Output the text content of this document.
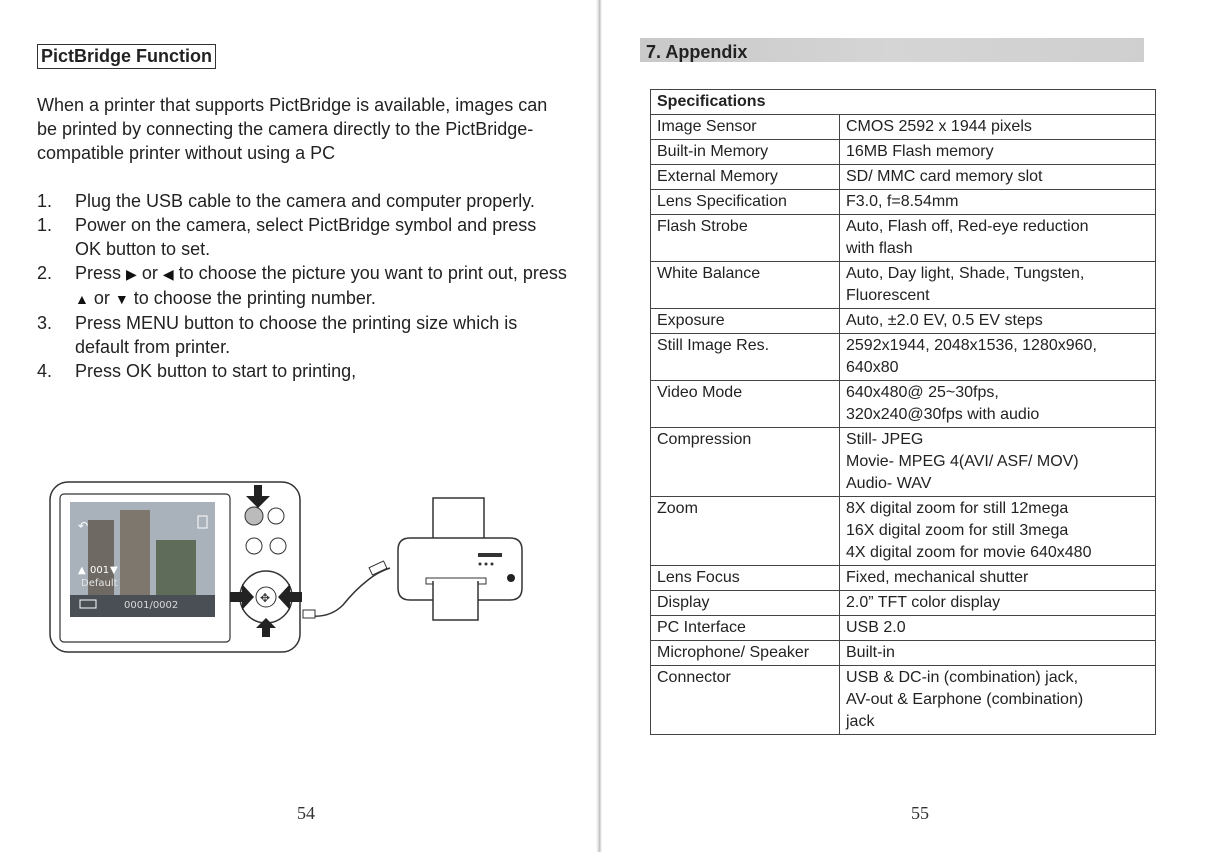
PictBridge Function
When a printer that supports PictBridge is available, images can be printed by connecting the camera directly to the PictBridge-compatible printer without using a PC
1. Plug the USB cable to the camera and computer properly.
1. Power on the camera, select PictBridge symbol and press OK button to set.
2. Press ▶ or ◀ to choose the picture you want to print out, press ▲ or ▼ to choose the printing number.
3. Press MENU button to choose the printing size which is default from printer.
4. Press OK button to start to printing,
↶
▲ 001 ▼
Default
0001/0002
✥
54
7. Appendix
Specifications	
Image Sensor	CMOS 2592 x 1944 pixels

Built-in Memory	16MB Flash memory

External Memory	SD/ MMC card memory slot

Lens Specification	F3.0, f=8.54mm

Flash Strobe	Auto, Flash off, Red-eye reduction
with flash

White Balance	Auto, Day light, Shade, Tungsten,
Fluorescent

Exposure	Auto, ±2.0 EV, 0.5 EV steps

Still Image Res.	2592x1944, 2048x1536, 1280x960,
640x80

Video Mode	640x480@ 25~30fps,
320x240@30fps with audio

Compression	Still- JPEG
Movie- MPEG 4(AVI/ ASF/ MOV)
Audio- WAV

Zoom	8X digital zoom for still 12mega
16X digital zoom for still 3mega
4X digital zoom for movie 640x480

Lens Focus	Fixed, mechanical shutter

Display	2.0” TFT color display

PC Interface	USB 2.0

Microphone/ Speaker	Built-in

Connector	USB & DC-in (combination) jack,
AV-out & Earphone (combination)
jack
55
